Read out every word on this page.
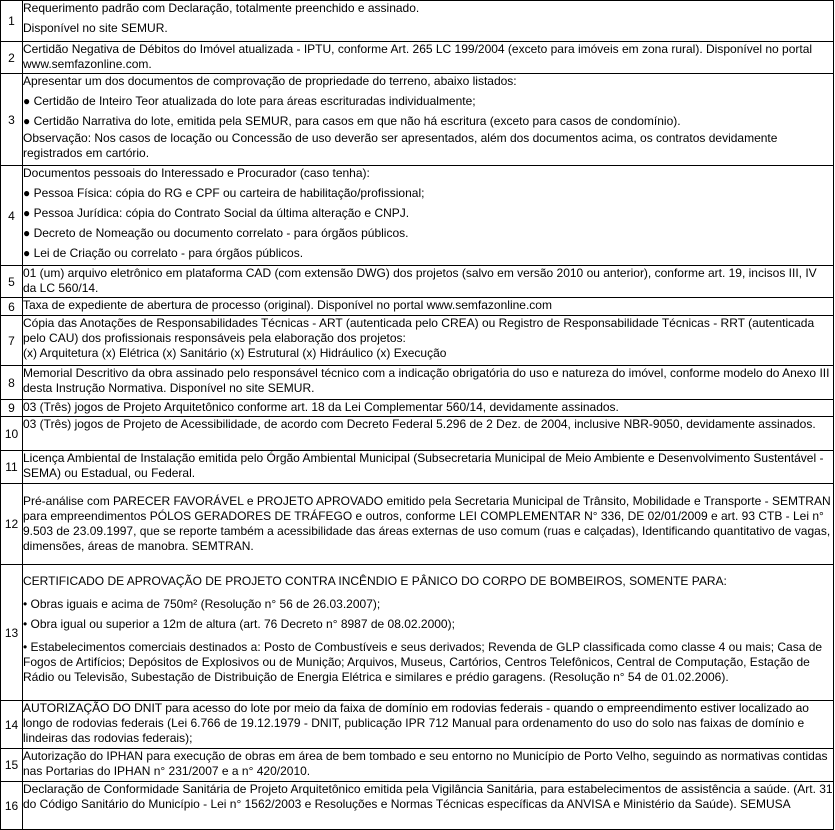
1	Requerimento padrão com Declaração, totalmente preenchido e assinado.
Disponível no site SEMUR.

2	Certidão Negativa de Débitos do Imóvel atualizada - IPTU, conforme Art. 265 LC 199/2004 (exceto para imóveis em zona rural). Disponível no portal www.semfazonline.com.

3	Apresentar um dos documentos de comprovação de propriedade do terreno, abaixo listados:
● Certidão de Inteiro Teor atualizada do lote para áreas escrituradas individualmente;
● Certidão Narrativa do lote, emitida pela SEMUR, para casos em que não há escritura (exceto para casos de condomínio).
Observação: Nos casos de locação ou Concessão de uso deverão ser apresentados, além dos documentos acima, os contratos devidamente registrados em cartório.

4	Documentos pessoais do Interessado e Procurador (caso tenha):
● Pessoa Física: cópia do RG e CPF ou carteira de habilitação/profissional;
● Pessoa Jurídica: cópia do Contrato Social da última alteração e CNPJ.
● Decreto de Nomeação ou documento correlato - para órgãos públicos.
● Lei de Criação ou correlato - para órgãos públicos.

5	01 (um) arquivo eletrônico em plataforma CAD (com extensão DWG) dos projetos (salvo em versão 2010 ou anterior), conforme art. 19, incisos III, IV da LC 560/14.

6	Taxa de expediente de abertura de processo (original). Disponível no portal www.semfazonline.com

7	Cópia das Anotações de Responsabilidades Técnicas - ART (autenticada pelo CREA) ou Registro de Responsabilidade Técnicas - RRT (autenticada pelo CAU) dos profissionais responsáveis pela elaboração dos projetos:
(x) Arquitetura (x) Elétrica (x) Sanitário (x) Estrutural (x) Hidráulico (x) Execução

8	Memorial Descritivo da obra assinado pelo responsável técnico com a indicação obrigatória do uso e natureza do imóvel, conforme modelo do Anexo III desta Instrução Normativa. Disponível no site SEMUR.

9	03 (Três) jogos de Projeto Arquitetônico conforme art. 18 da Lei Complementar 560/14, devidamente assinados.

10	03 (Três) jogos de Projeto de Acessibilidade, de acordo com Decreto Federal 5.296 de 2 Dez. de 2004, inclusive NBR-9050, devidamente assinados.

11	Licença Ambiental de Instalação emitida pelo Órgão Ambiental Municipal (Subsecretaria Municipal de Meio Ambiente e Desenvolvimento Sustentável - SEMA) ou Estadual, ou Federal.

12	Pré-análise com PARECER FAVORÁVEL e PROJETO APROVADO emitido pela Secretaria Municipal de Trânsito, Mobilidade e Transporte - SEMTRAN para empreendimentos PÓLOS GERADORES DE TRÁFEGO e outros, conforme LEI COMPLEMENTAR N° 336, DE 02/01/2009 e art. 93 CTB - Lei n° 9.503 de 23.09.1997, que se reporte também a acessibilidade das áreas externas de uso comum (ruas e calçadas), Identificando quantitativo de vagas, dimensões, áreas de manobra. SEMTRAN.

13	CERTIFICADO DE APROVAÇÃO DE PROJETO CONTRA INCÊNDIO E PÂNICO DO CORPO DE BOMBEIROS, SOMENTE PARA:
• Obras iguais e acima de 750m² (Resolução n° 56 de 26.03.2007);
• Obra igual ou superior a 12m de altura (art. 76 Decreto n° 8987 de 08.02.2000);
• Estabelecimentos comerciais destinados a: Posto de Combustíveis e seus derivados; Revenda de GLP classificada como classe 4 ou mais; Casa de Fogos de Artifícios; Depósitos de Explosivos ou de Munição; Arquivos, Museus, Cartórios, Centros Telefônicos, Central de Computação, Estação de Rádio ou Televisão, Subestação de Distribuição de Energia Elétrica e similares e prédio garagens. (Resolução n° 54 de 01.02.2006).

14	AUTORIZAÇÃO DO DNIT para acesso do lote por meio da faixa de domínio em rodovias federais - quando o empreendimento estiver localizado ao longo de rodovias federais (Lei 6.766 de 19.12.1979 - DNIT, publicação IPR 712 Manual para ordenamento do uso do solo nas faixas de domínio e lindeiras das rodovias federais);

15	Autorização do IPHAN para execução de obras em área de bem tombado e seu entorno no Município de Porto Velho, seguindo as normativas contidas nas Portarias do IPHAN n° 231/2007 e a n° 420/2010.

16	Declaração de Conformidade Sanitária de Projeto Arquitetônico emitida pela Vigilância Sanitária, para estabelecimentos de assistência a saúde. (Art. 31 do Código Sanitário do Município - Lei n° 1562/2003 e Resoluções e Normas Técnicas específicas da ANVISA e Ministério da Saúde). SEMUSA
